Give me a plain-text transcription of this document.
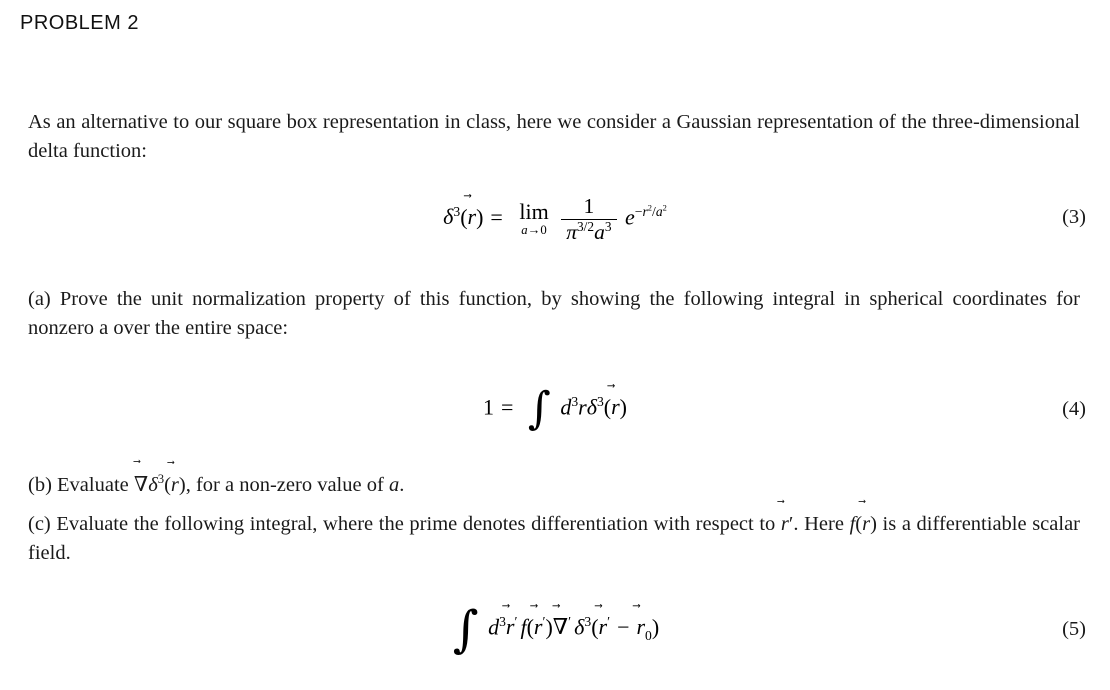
PROBLEM 2
As an alternative to our square box representation in class, here we consider a Gaussian representation of the three-dimensional delta function:
$\delta^3$(
r) = lim
a→0
$\frac{1}{\pi^{3/2}a^3} e^{-r^2/a^2}$	(3)
(a) Prove the unit normalization property of this function, by showing the following integral in spherical coordinates for nonzero a over the entire space:
1 = ∫ $d^3r\delta^3$(
r)	(4)
(b) Evaluate
$\nabla\delta^3$(
r), for a non-zero value of a.
(c) Evaluate the following integral, where the prime denotes differentiation with respect to
r′. Here f(
r) is a differentiable scalar field.
∫ $d^3$
r′ f(
r′)
∇′ $\delta^3$(
$r' - r_0$)	(5)
